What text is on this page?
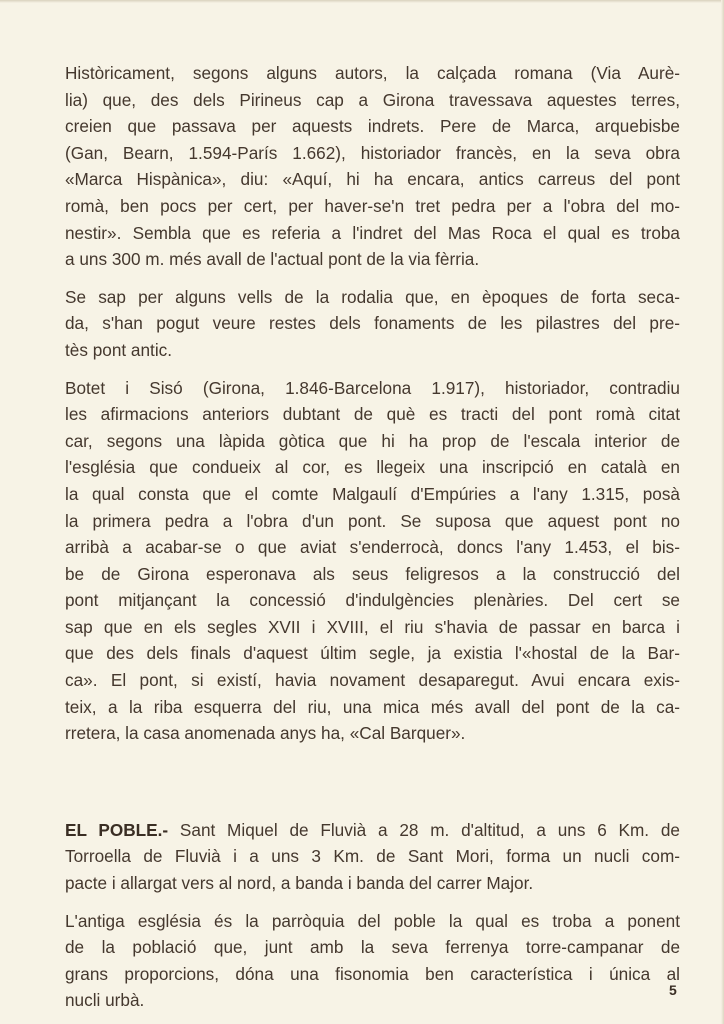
Històricament, segons alguns autors, la calçada romana (Via Aurè-
lia) que, des dels Pirineus cap a Girona travessava aquestes terres,
creien que passava per aquests indrets. Pere de Marca, arquebisbe
(Gan, Bearn, 1.594-París 1.662), historiador francès, en la seva obra
«Marca Hispànica», diu: «Aquí, hi ha encara, antics carreus del pont
romà, ben pocs per cert, per haver-se'n tret pedra per a l'obra del mo-
nestir». Sembla que es referia a l'indret del Mas Roca el qual es troba
a uns 300 m. més avall de l'actual pont de la via fèrria.

Se sap per alguns vells de la rodalia que, en èpoques de forta seca-
da, s'han pogut veure restes dels fonaments de les pilastres del pre-
tès pont antic.

Botet i Sisó (Girona, 1.846-Barcelona 1.917), historiador, contradiu
les afirmacions anteriors dubtant de què es tracti del pont romà citat
car, segons una làpida gòtica que hi ha prop de l'escala interior de
l'església que condueix al cor, es llegeix una inscripció en català en
la qual consta que el comte Malgaulí d'Empúries a l'any 1.315, posà
la primera pedra a l'obra d'un pont. Se suposa que aquest pont no
arribà a acabar-se o que aviat s'enderrocà, doncs l'any 1.453, el bis-
be de Girona esperonava als seus feligresos a la construcció del
pont mitjançant la concessió d'indulgències plenàries. Del cert se
sap que en els segles XVII i XVIII, el riu s'havia de passar en barca i
que des dels finals d'aquest últim segle, ja existia l'«hostal de la Bar-
ca». El pont, si existí, havia novament desaparegut. Avui encara exis-
teix, a la riba esquerra del riu, una mica més avall del pont de la ca-
rretera, la casa anomenada anys ha, «Cal Barquer».

EL POBLE.- Sant Miquel de Fluvià a 28 m. d'altitud, a uns 6 Km. de
Torroella de Fluvià i a uns 3 Km. de Sant Mori, forma un nucli com-
pacte i allargat vers al nord, a banda i banda del carrer Major.

L'antiga església és la parròquia del poble la qual es troba a ponent
de la població que, junt amb la seva ferrenya torre-campanar de
grans proporcions, dóna una fisonomia ben característica i única al
nucli urbà.

5
